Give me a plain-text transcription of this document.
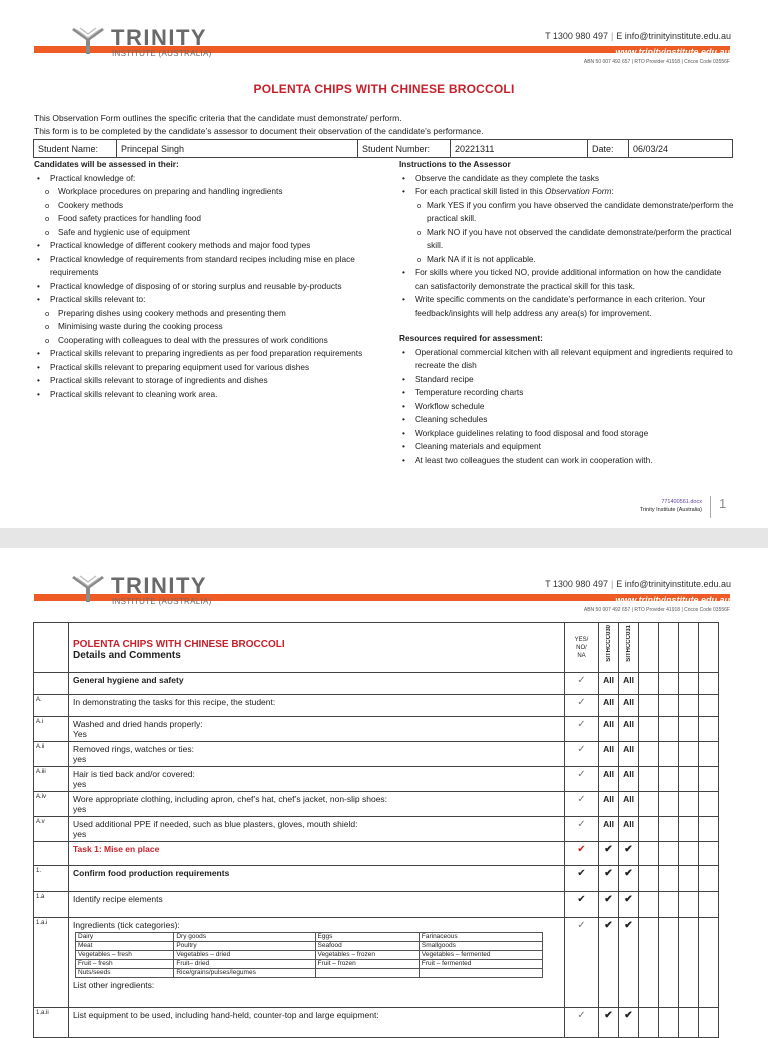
TRINITY
INSTITUTE (AUSTRALIA)
T 1300 980 497 | E info@trinityinstitute.edu.au
www.trinityinstitute.edu.au
ABN 50 007 492 657 | RTO Provider 41918 | Cricos Code 03556F
POLENTA CHIPS WITH CHINESE BROCCOLI
This Observation Form outlines the specific criteria that the candidate must demonstrate/ perform.
This form is to be completed by the candidate’s assessor to document their observation of the candidate’s performance.
Student Name:	Princepal Singh	Student Number:	20221311	Date:	06/03/24
Candidates will be assessed in their:
• Practical knowledge of:
o Workplace procedures on preparing and handling ingredients
o Cookery methods
o Food safety practices for handling food
o Safe and hygienic use of equipment
• Practical knowledge of different cookery methods and major food types
• Practical knowledge of requirements from standard recipes including mise en place requirements
• Practical knowledge of disposing of or storing surplus and reusable by-products
• Practical skills relevant to:
o Preparing dishes using cookery methods and presenting them
o Minimising waste during the cooking process
o Cooperating with colleagues to deal with the pressures of work conditions
• Practical skills relevant to preparing ingredients as per food preparation requirements
• Practical skills relevant to preparing equipment used for various dishes
• Practical skills relevant to storage of ingredients and dishes
• Practical skills relevant to cleaning work area.
Instructions to the Assessor
• Observe the candidate as they complete the tasks
• For each practical skill listed in this Observation Form:
o Mark YES if you confirm you have observed the candidate demonstrate/perform the practical skill.
o Mark NO if you have not observed the candidate demonstrate/perform the practical skill.
o Mark NA if it is not applicable.
• For skills where you ticked NO, provide additional information on how the candidate can satisfactorily demonstrate the practical skill for this task.
• Write specific comments on the candidate’s performance in each criterion. Your feedback/insights will help address any area(s) for improvement.
Resources required for assessment:
• Operational commercial kitchen with all relevant equipment and ingredients required to recreate the dish
• Standard recipe
• Temperature recording charts
• Workflow schedule
• Cleaning schedules
• Workplace guidelines relating to food disposal and food storage
• Cleaning materials and equipment
• At least two colleagues the student can work in cooperation with.
771400561.docx
Trinity Institute (Australia)	1
TRINITY
INSTITUTE (AUSTRALIA)
T 1300 980 497 | E info@trinityinstitute.edu.au
www.trinityinstitute.edu.au
ABN 50 007 492 657 | RTO Provider 41918 | Cricos Code 03556F

POLENTA CHIPS WITH CHINESE BROCCOLI
Details and Comments

YES/
NO/
NA	SITHCCC030	SITHCCC031

	General hygiene and safety	✓	All	All				
A.	In demonstrating the tasks for this recipe, the student:	✓	All	All				
A.i	Washed and dried hands properly:
Yes
	✓	All	All				
A.ii	Removed rings, watches or ties:
yes
	✓	All	All				
A.iii	Hair is tied back and/or covered:
yes
	✓	All	All				
A.iv	Wore appropriate clothing, including apron, chef’s hat, chef’s jacket, non-slip shoes:
yes
	✓	All	All				
A.v	Used additional PPE if needed, such as blue plasters, gloves, mouth shield:
yes
	✓	All	All				
	Task 1: Mise en place	✔	✔	✔				
1.	Confirm food production requirements	✔	✔	✔				
1.a	Identify recipe elements	✔	✔	✔				
1.a.i	Ingredients (tick categories):
Dairy	Dry goods	Eggs	Farinaceous
Meat	Poultry	Seafood	Smallgoods
Vegetables – fresh	Vegetables – dried	Vegetables – frozen	Vegetables – fermented
Fruit – fresh	Fruit– dried	Fruit – frozen	Fruit – fermented
Nuts/seeds	Rice/grains/pulses/legumes		
List other ingredients:
	✓	✔	✔				
1.a.ii	List equipment to be used, including hand-held, counter-top and large equipment:	✓	✔	✔				
